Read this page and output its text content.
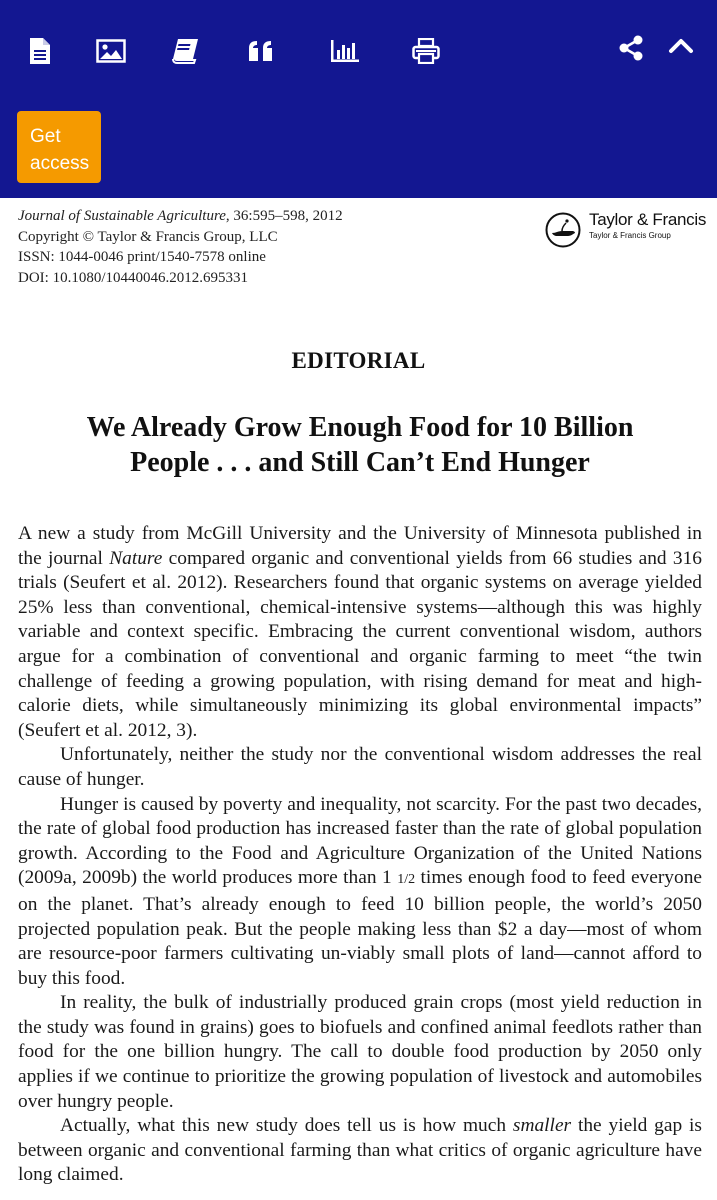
Get access
Journal of Sustainable Agriculture, 36:595–598, 2012
Copyright © Taylor & Francis Group, LLC
ISSN: 1044-0046 print/1540-7578 online
DOI: 10.1080/10440046.2012.695331
Taylor & Francis
Taylor & Francis Group
EDITORIAL
We Already Grow Enough Food for 10 Billion
People . . . and Still Can’t End Hunger

A new a study from McGill University and the University of Minnesota published in the journal Nature compared organic and conventional yields from 66 studies and 316 trials (Seufert et al. 2012). Researchers found that organic systems on average yielded 25% less than conventional, chemical-intensive systems—although this was highly variable and context specific. Embracing the current conventional wisdom, authors argue for a combination of conventional and organic farming to meet “the twin challenge of feeding a growing population, with rising demand for meat and high-calorie diets, while simultaneously minimizing its global environmental impacts” (Seufert et al. 2012, 3).

Unfortunately, neither the study nor the conventional wisdom addresses the real cause of hunger.

Hunger is caused by poverty and inequality, not scarcity. For the past two decades, the rate of global food production has increased faster than the rate of global population growth. According to the Food and Agriculture Organization of the United Nations (2009a, 2009b) the world produces more than 1 1/2 times enough food to feed everyone on the planet. That’s already enough to feed 10 billion people, the world’s 2050 projected population peak. But the people making less than $2 a day—most of whom are resource-poor farmers cultivating un-viably small plots of land—cannot afford to buy this food.

In reality, the bulk of industrially produced grain crops (most yield reduction in the study was found in grains) goes to biofuels and confined animal feedlots rather than food for the one billion hungry. The call to double food production by 2050 only applies if we continue to prioritize the growing population of livestock and automobiles over hungry people.

Actually, what this new study does tell us is how much smaller the yield gap is between organic and conventional farming than what critics of organic agriculture have long claimed.
